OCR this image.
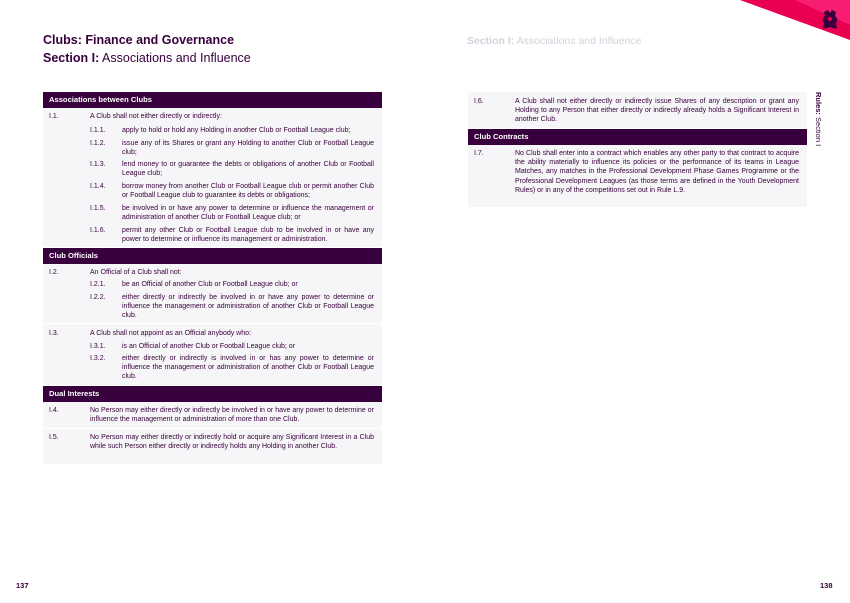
Clubs: Finance and Governance
Section I: Associations and Influence
Section I: Associations and Influence
Rules: Section I
Associations between Clubs
I.1.	A Club shall not either directly or indirectly:
I.1.1. apply to hold or hold any Holding in another Club or Football League club;
I.1.2. issue any of its Shares or grant any Holding to another Club or Football League club;
I.1.3. lend money to or guarantee the debts or obligations of another Club or Football League club;
I.1.4. borrow money from another Club or Football League club or permit another Club or Football League club to guarantee its debts or obligations;
I.1.5. be involved in or have any power to determine or influence the management or administration of another Club or Football League club; or
I.1.6. permit any other Club or Football League club to be involved in or have any power to determine or influence its management or administration.
Club Officials
I.2.	An Official of a Club shall not:
I.2.1. be an Official of another Club or Football League club; or
I.2.2. either directly or indirectly be involved in or have any power to determine or influence the management or administration of another Club or Football League club.
I.3.	A Club shall not appoint as an Official anybody who:
I.3.1. is an Official of another Club or Football League club; or
I.3.2. either directly or indirectly is involved in or has any power to determine or influence the management or administration of another Club or Football League club.
Dual Interests
I.4.	No Person may either directly or indirectly be involved in or have any power to determine or influence the management or administration of more than one Club.
I.5.	No Person may either directly or indirectly hold or acquire any Significant Interest in a Club while such Person either directly or indirectly holds any Holding in another Club.
I.6.	A Club shall not either directly or indirectly issue Shares of any description or grant any Holding to any Person that either directly or indirectly already holds a Significant Interest in another Club.
Club Contracts
I.7.	No Club shall enter into a contract which enables any other party to that contract to acquire the ability materially to influence its policies or the performance of its teams in League Matches, any matches in the Professional Development Phase Games Programme or the Professional Development Leagues (as those terms are defined in the Youth Development Rules) or in any of the competitions set out in Rule L.9.
137	138
